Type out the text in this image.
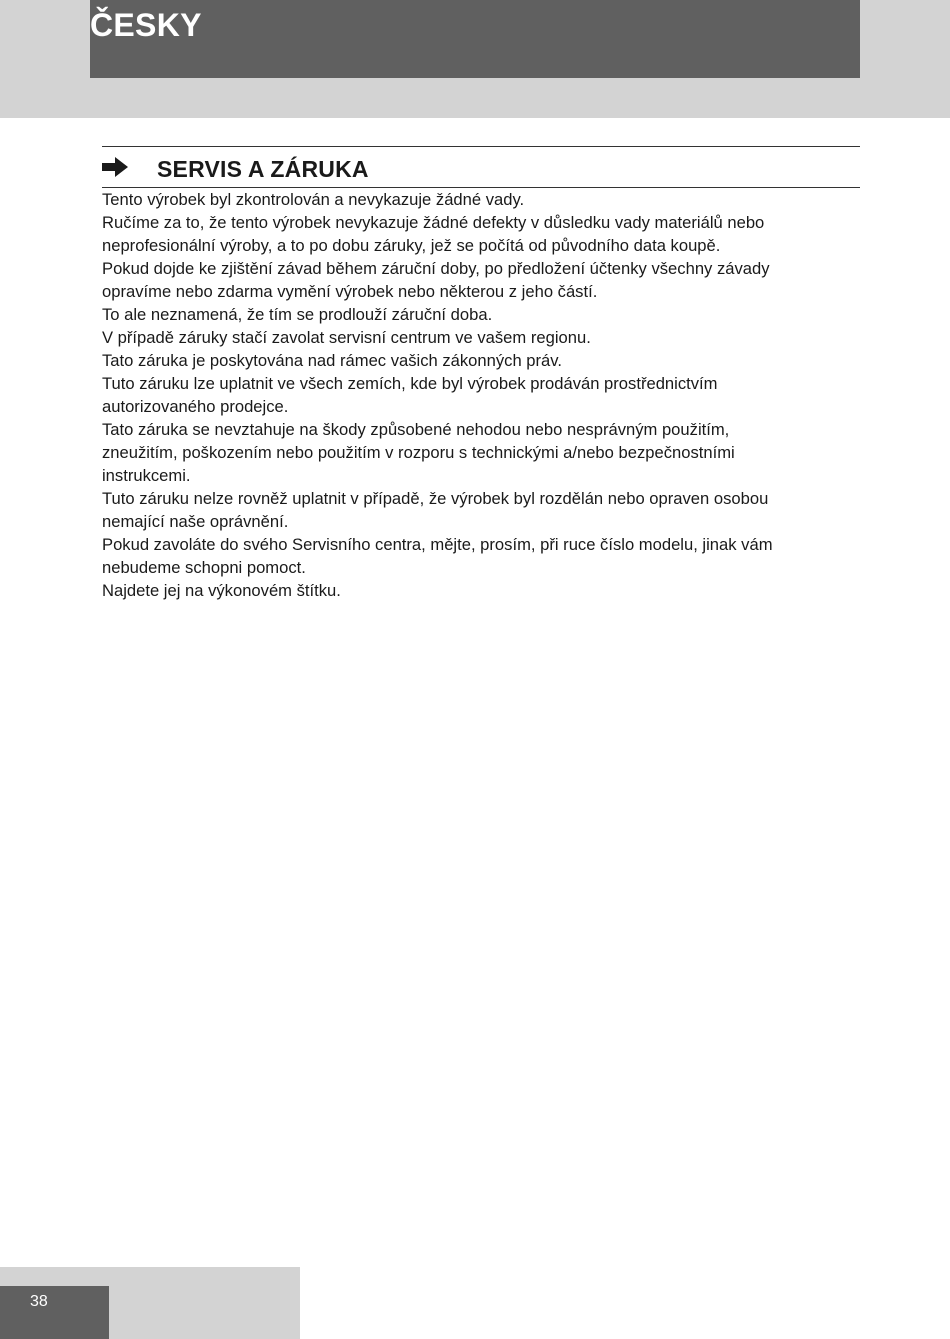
ČESKY
SERVIS A ZÁRUKA

Tento výrobek byl zkontrolován a nevykazuje žádné vady.

Ručíme za to, že tento výrobek nevykazuje žádné defekty v důsledku vady materiálů nebo

neprofesionální výroby, a to po dobu záruky, jež se počítá od původního data koupě.

Pokud dojde ke zjištění závad během záruční doby, po předložení účtenky všechny závady

opravíme nebo zdarma vymění výrobek nebo některou z jeho částí.

To ale neznamená, že tím se prodlouží záruční doba.

V případě záruky stačí zavolat servisní centrum ve vašem regionu.

Tato záruka je poskytována nad rámec vašich zákonných práv.

Tuto záruku lze uplatnit ve všech zemích, kde byl výrobek prodáván prostřednictvím

autorizovaného prodejce.

Tato záruka se nevztahuje na škody způsobené nehodou nebo nesprávným použitím,

zneužitím, poškozením nebo použitím v rozporu s technickými a/nebo bezpečnostními

instrukcemi.

Tuto záruku nelze rovněž uplatnit v případě, že výrobek byl rozdělán nebo opraven osobou

nemající naše oprávnění.

Pokud zavoláte do svého Servisního centra, mějte, prosím, při ruce číslo modelu, jinak vám

nebudeme schopni pomoct.

Najdete jej na výkonovém štítku.

38
